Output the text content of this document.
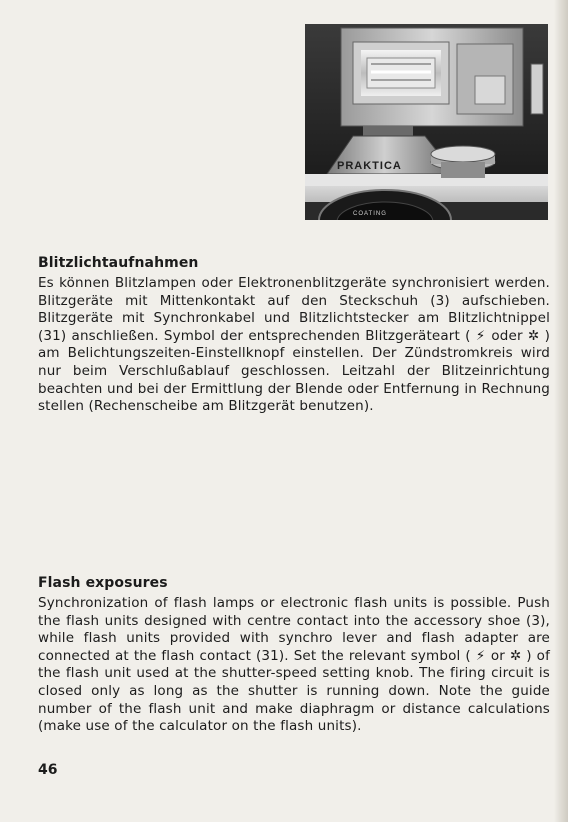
PRAKTICA
COATING
Blitzlichtaufnahmen

Es können Blitzlampen oder Elektronenblitzgeräte synchronisiert werden. Blitzgeräte mit Mittenkontakt auf den Steckschuh (3) aufschieben. Blitzgeräte mit Synchronkabel und Blitzlichtstecker am Blitzlichtnippel (31) anschließen. Symbol der entsprechenden Blitzgeräteart ( ⚡ oder ✲ ) am Belichtungszeiten-Einstellknopf einstellen. Der Zündstromkreis wird nur beim Verschlußablauf geschlossen. Leitzahl der Blitzeinrichtung beachten und bei der Ermittlung der Blende oder Entfernung in Rechnung stellen (Rechenscheibe am Blitzgerät benutzen).

Flash exposures

Synchronization of flash lamps or electronic flash units is possible. Push the flash units designed with centre contact into the accessory shoe (3), while flash units provided with synchro lever and flash adapter are connected at the flash contact (31). Set the relevant symbol ( ⚡ or ✲ ) of the flash unit used at the shutter-speed setting knob. The firing circuit is closed only as long as the shutter is running down. Note the guide number of the flash unit and make diaphragm or distance calculations (make use of the calculator on the flash units).

46
